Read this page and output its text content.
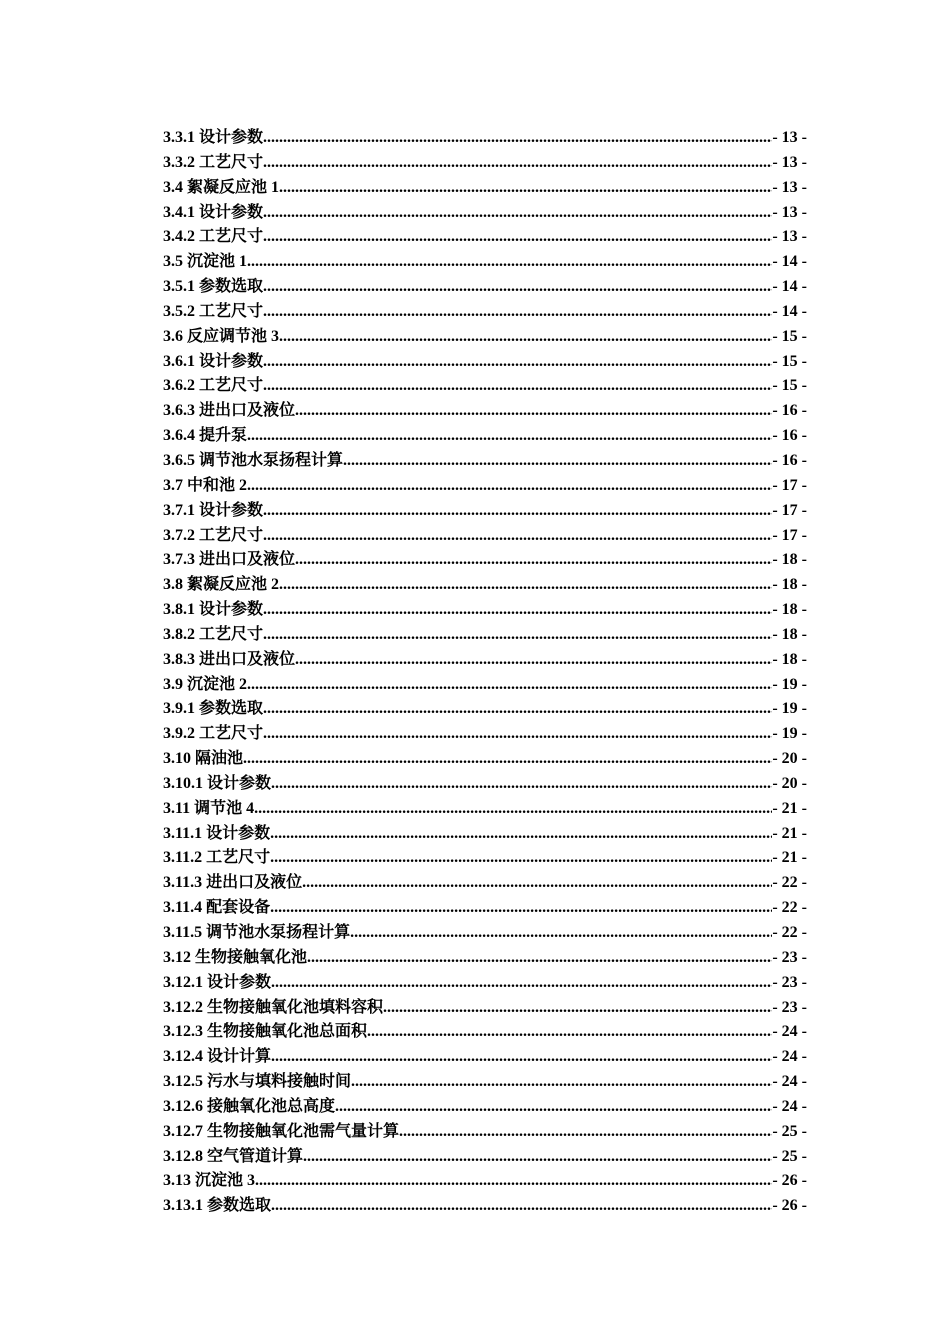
3.3.1 设计参数 .....	- 13 -
3.3.2 工艺尺寸 .....	- 13 -
3.4 絮凝反应池 1 .....	- 13 -
3.4.1 设计参数 .....	- 13 -
3.4.2 工艺尺寸 .....	- 13 -
3.5 沉淀池 1 .....	- 14 -
3.5.1 参数选取 .....	- 14 -
3.5.2 工艺尺寸 .....	- 14 -
3.6 反应调节池 3 .....	- 15 -
3.6.1 设计参数 .....	- 15 -
3.6.2 工艺尺寸 .....	- 15 -
3.6.3 进出口及液位 .....	- 16 -
3.6.4 提升泵 .....	- 16 -
3.6.5 调节池水泵扬程计算 .....	- 16 -
3.7 中和池 2 .....	- 17 -
3.7.1 设计参数 .....	- 17 -
3.7.2 工艺尺寸 .....	- 17 -
3.7.3 进出口及液位 .....	- 18 -
3.8 絮凝反应池 2 .....	- 18 -
3.8.1 设计参数 .....	- 18 -
3.8.2 工艺尺寸 .....	- 18 -
3.8.3 进出口及液位 .....	- 18 -
3.9 沉淀池 2 .....	- 19 -
3.9.1 参数选取 .....	- 19 -
3.9.2 工艺尺寸 .....	- 19 -
3.10 隔油池 .....	- 20 -
3.10.1 设计参数 .....	- 20 -
3.11 调节池 4 .....	- 21 -
3.11.1 设计参数 .....	- 21 -
3.11.2 工艺尺寸 .....	- 21 -
3.11.3 进出口及液位 .....	- 22 -
3.11.4 配套设备 .....	- 22 -
3.11.5 调节池水泵扬程计算 .....	- 22 -
3.12 生物接触氧化池 .....	- 23 -
3.12.1 设计参数 .....	- 23 -
3.12.2 生物接触氧化池填料容积 .....	- 23 -
3.12.3 生物接触氧化池总面积 .....	- 24 -
3.12.4 设计计算 .....	- 24 -
3.12.5 污水与填料接触时间 .....	- 24 -
3.12.6 接触氧化池总高度 .....	- 24 -
3.12.7 生物接触氧化池需气量计算 .....	- 25 -
3.12.8 空气管道计算 .....	- 25 -
3.13 沉淀池 3 .....	- 26 -
3.13.1 参数选取 .....	- 26 -
